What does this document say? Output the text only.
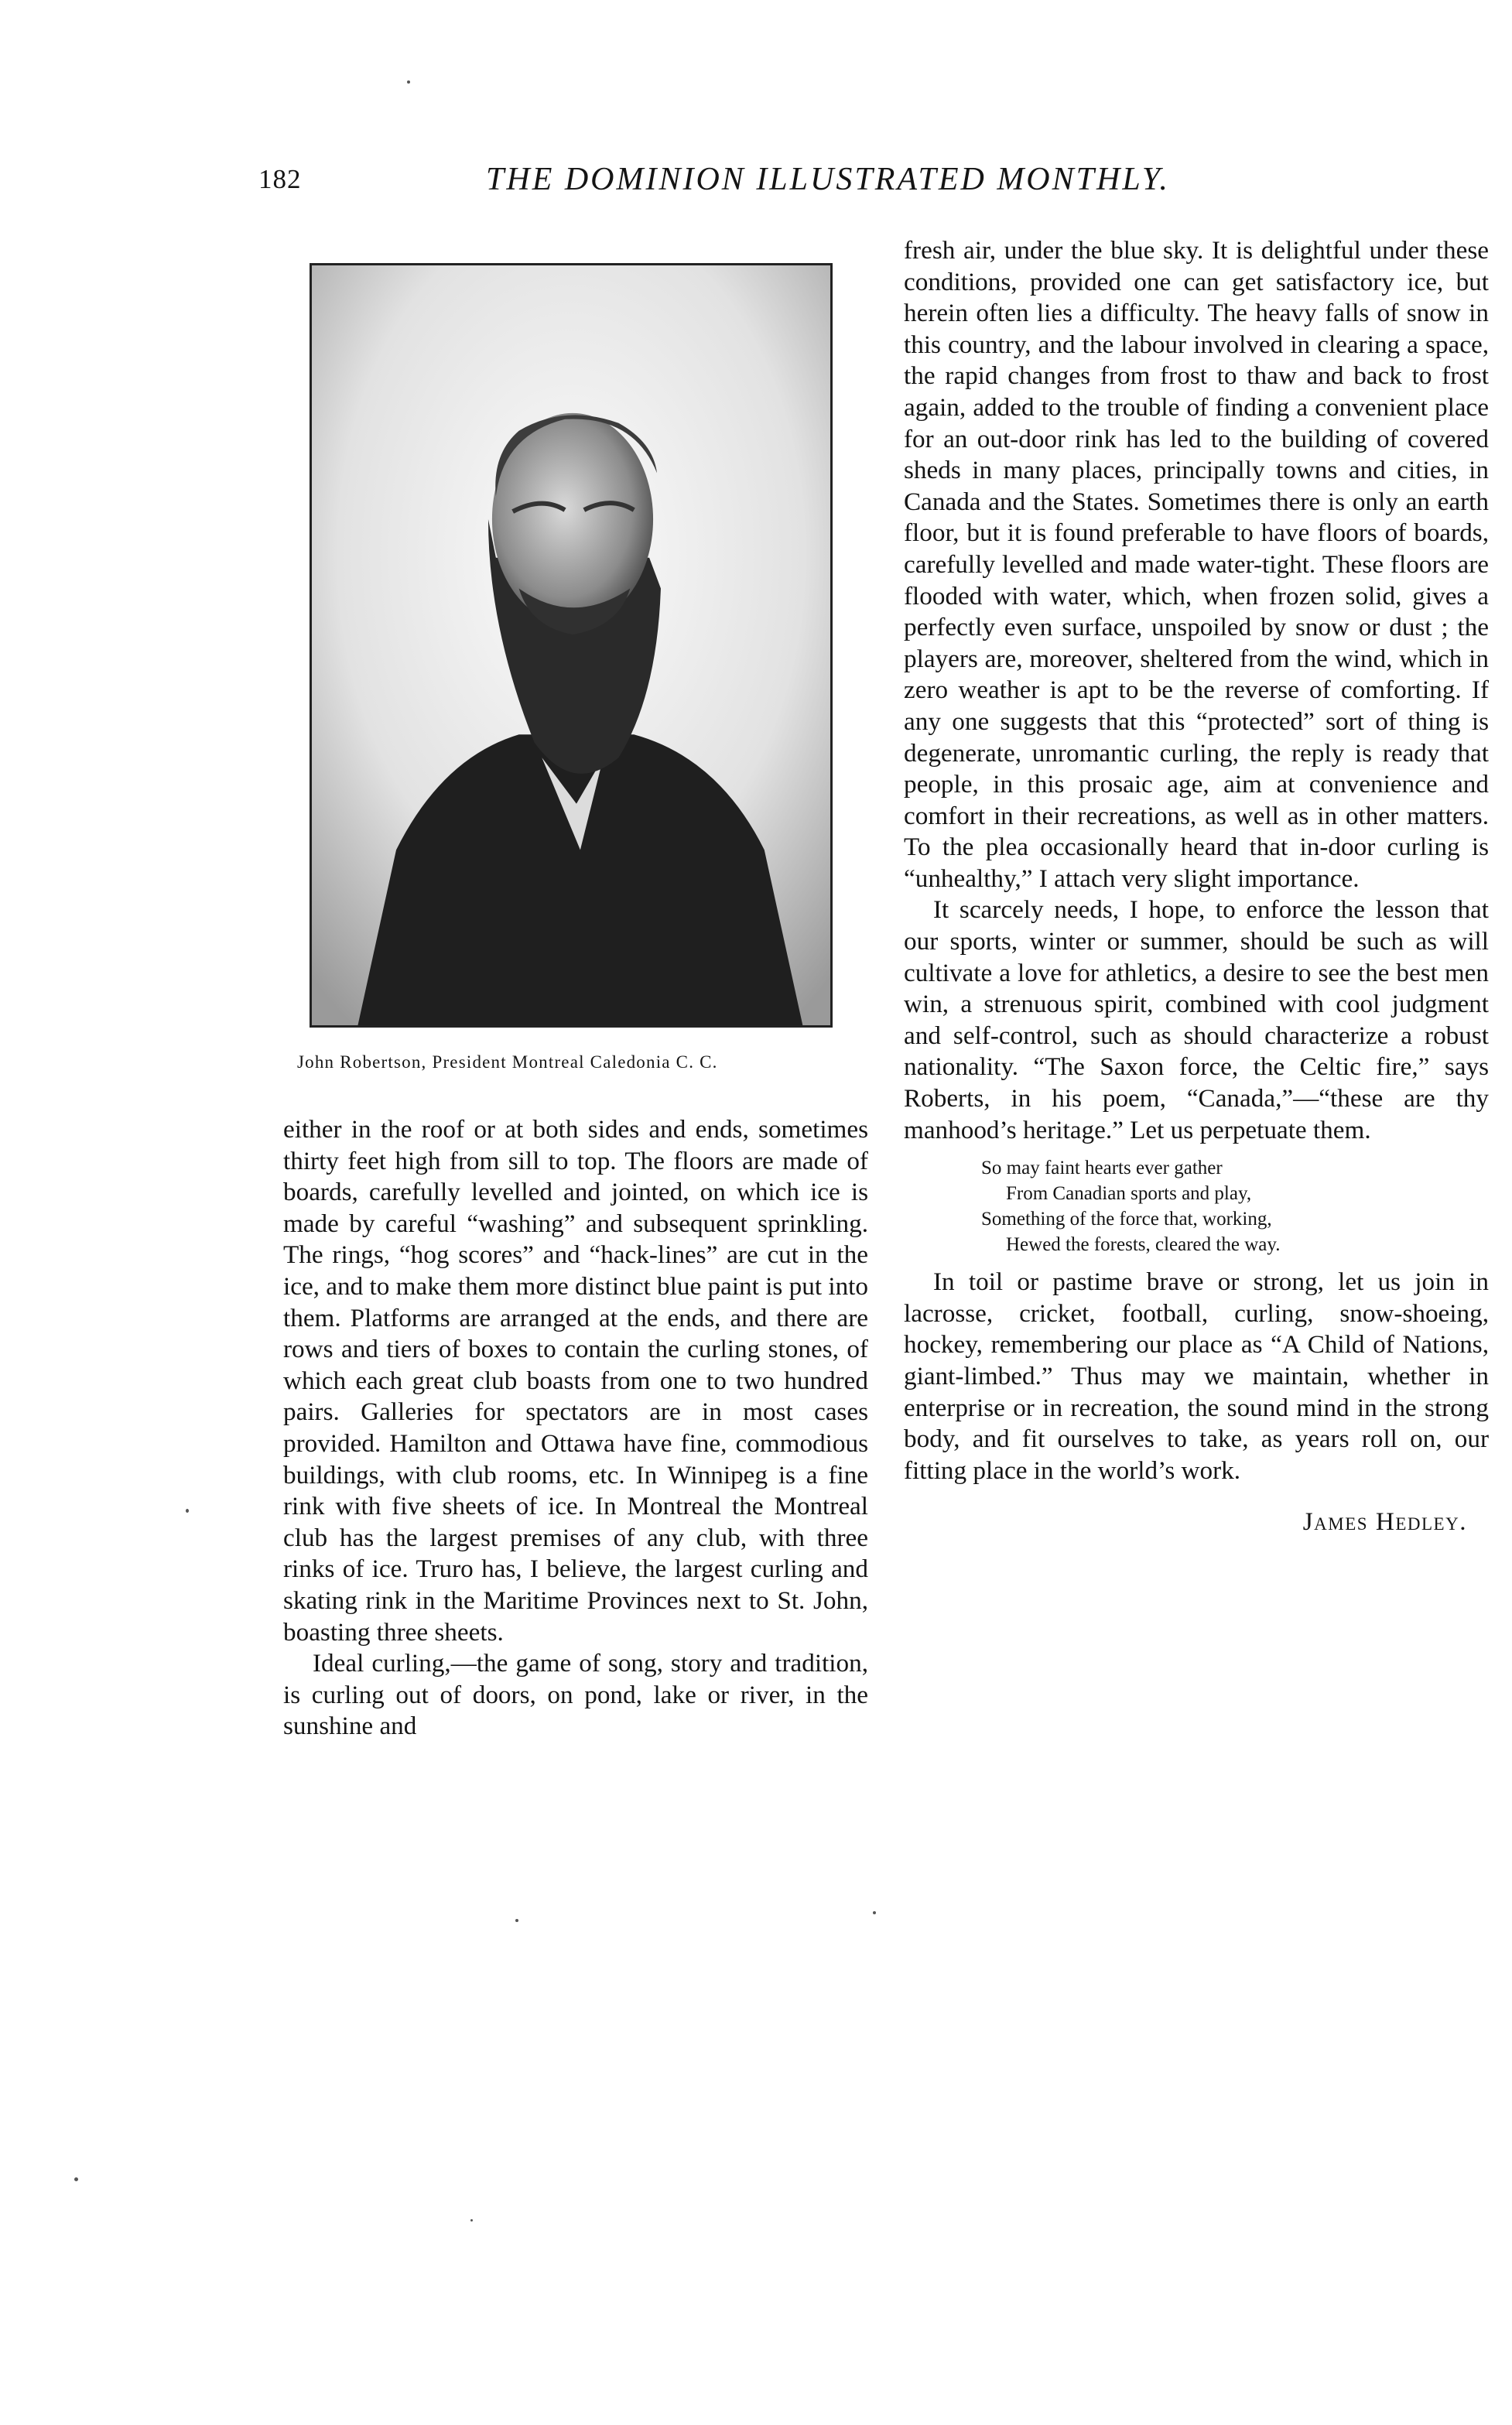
182	THE DOMINION ILLUSTRATED MONTHLY.
John Robertson, President Montreal Caledonia C. C.

either in the roof or at both sides and ends, sometimes thirty feet high from sill to top. The floors are made of boards, carefully levelled and jointed, on which ice is made by careful “washing” and subsequent sprinkling. The rings, “hog scores” and “hack-lines” are cut in the ice, and to make them more distinct blue paint is put into them. Platforms are arranged at the ends, and there are rows and tiers of boxes to contain the curling stones, of which each great club boasts from one to two hundred pairs. Galleries for spectators are in most cases provided. Hamilton and Ottawa have fine, commodious buildings, with club rooms, etc. In Winnipeg is a fine rink with five sheets of ice. In Montreal the Montreal club has the largest premises of any club, with three rinks of ice. Truro has, I believe, the largest curling and skating rink in the Maritime Provinces next to St. John, boasting three sheets.

Ideal curling,—the game of song, story and tradition, is curling out of doors, on pond, lake or river, in the sunshine and

fresh air, under the blue sky. It is delightful under these conditions, provided one can get satisfactory ice, but herein often lies a difficulty. The heavy falls of snow in this country, and the labour involved in clearing a space, the rapid changes from frost to thaw and back to frost again, added to the trouble of finding a convenient place for an out-door rink has led to the building of covered sheds in many places, principally towns and cities, in Canada and the States. Sometimes there is only an earth floor, but it is found preferable to have floors of boards, carefully levelled and made water-tight. These floors are flooded with water, which, when frozen solid, gives a perfectly even surface, unspoiled by snow or dust ; the players are, moreover, sheltered from the wind, which in zero weather is apt to be the reverse of comforting. If any one suggests that this “protected” sort of thing is degenerate, unromantic curling, the reply is ready that people, in this prosaic age, aim at convenience and comfort in their recreations, as well as in other matters. To the plea occasionally heard that in-door curling is “unhealthy,” I attach very slight importance.

It scarcely needs, I hope, to enforce the lesson that our sports, winter or summer, should be such as will cultivate a love for athletics, a desire to see the best men win, a strenuous spirit, combined with cool judgment and self-control, such as should characterize a robust nationality. “The Saxon force, the Celtic fire,” says Roberts, in his poem, “Canada,”—“these are thy manhood’s heritage.” Let us perpetuate them.

So may faint hearts ever gather
From Canadian sports and play,
Something of the force that, working,
Hewed the forests, cleared the way.

In toil or pastime brave or strong, let us join in lacrosse, cricket, football, curling, snow-shoeing, hockey, remembering our place as “A Child of Nations, giant-limbed.” Thus may we maintain, whether in enterprise or in recreation, the sound mind in the strong body, and fit ourselves to take, as years roll on, our fitting place in the world’s work.

James Hedley.
